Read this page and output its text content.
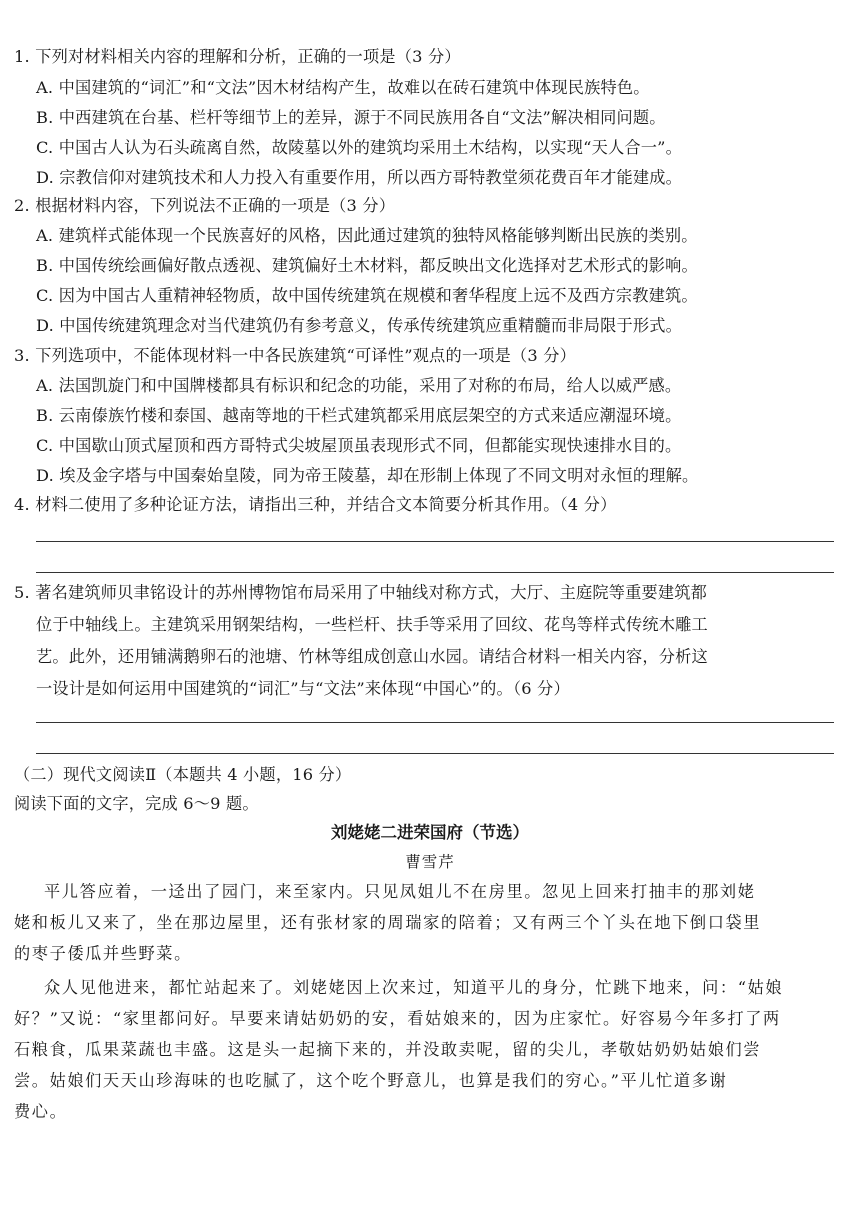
1. 下列对材料相关内容的理解和分析，正确的一项是（3 分）
A. 中国建筑的“词汇”和“文法”因木材结构产生，故难以在砖石建筑中体现民族特色。
B. 中西建筑在台基、栏杆等细节上的差异，源于不同民族用各自“文法”解决相同问题。
C. 中国古人认为石头疏离自然，故陵墓以外的建筑均采用土木结构，以实现“天人合一”。
D. 宗教信仰对建筑技术和人力投入有重要作用，所以西方哥特教堂须花费百年才能建成。
2. 根据材料内容，下列说法不正确的一项是（3 分）
A. 建筑样式能体现一个民族喜好的风格，因此通过建筑的独特风格能够判断出民族的类别。
B. 中国传统绘画偏好散点透视、建筑偏好土木材料，都反映出文化选择对艺术形式的影响。
C. 因为中国古人重精神轻物质，故中国传统建筑在规模和奢华程度上远不及西方宗教建筑。
D. 中国传统建筑理念对当代建筑仍有参考意义，传承传统建筑应重精髓而非局限于形式。
3. 下列选项中，不能体现材料一中各民族建筑“可译性”观点的一项是（3 分）
A. 法国凯旋门和中国牌楼都具有标识和纪念的功能，采用了对称的布局，给人以威严感。
B. 云南傣族竹楼和泰国、越南等地的干栏式建筑都采用底层架空的方式来适应潮湿环境。
C. 中国歇山顶式屋顶和西方哥特式尖坡屋顶虽表现形式不同，但都能实现快速排水目的。
D. 埃及金字塔与中国秦始皇陵，同为帝王陵墓，却在形制上体现了不同文明对永恒的理解。
4. 材料二使用了多种论证方法，请指出三种，并结合文本简要分析其作用。（4 分）
5. 著名建筑师贝聿铭设计的苏州博物馆布局采用了中轴线对称方式，大厅、主庭院等重要建筑都
位于中轴线上。主建筑采用钢架结构，一些栏杆、扶手等采用了回纹、花鸟等样式传统木雕工
艺。此外，还用铺满鹅卵石的池塘、竹林等组成创意山水园。请结合材料一相关内容，分析这
一设计是如何运用中国建筑的“词汇”与“文法”来体现“中国心”的。（6 分）
（二）现代文阅读Ⅱ（本题共 4 小题，16 分）
阅读下面的文字，完成 6～9 题。
刘姥姥二进荣国府（节选）
曹雪芹
平儿答应着，一迳出了园门，来至家内。只见凤姐儿不在房里。忽见上回来打抽丰的那刘姥
姥和板儿又来了，坐在那边屋里，还有张材家的周瑞家的陪着；又有两三个丫头在地下倒口袋里
的枣子倭瓜并些野菜。
众人见他进来，都忙站起来了。刘姥姥因上次来过，知道平儿的身分，忙跳下地来，问：“姑娘
好？”又说：“家里都问好。早要来请姑奶奶的安，看姑娘来的，因为庄家忙。好容易今年多打了两
石粮食，瓜果菜蔬也丰盛。这是头一起摘下来的，并没敢卖呢，留的尖儿，孝敬姑奶奶姑娘们尝
尝。姑娘们天天山珍海味的也吃腻了，这个吃个野意儿，也算是我们的穷心。”平儿忙道多谢
费心。
